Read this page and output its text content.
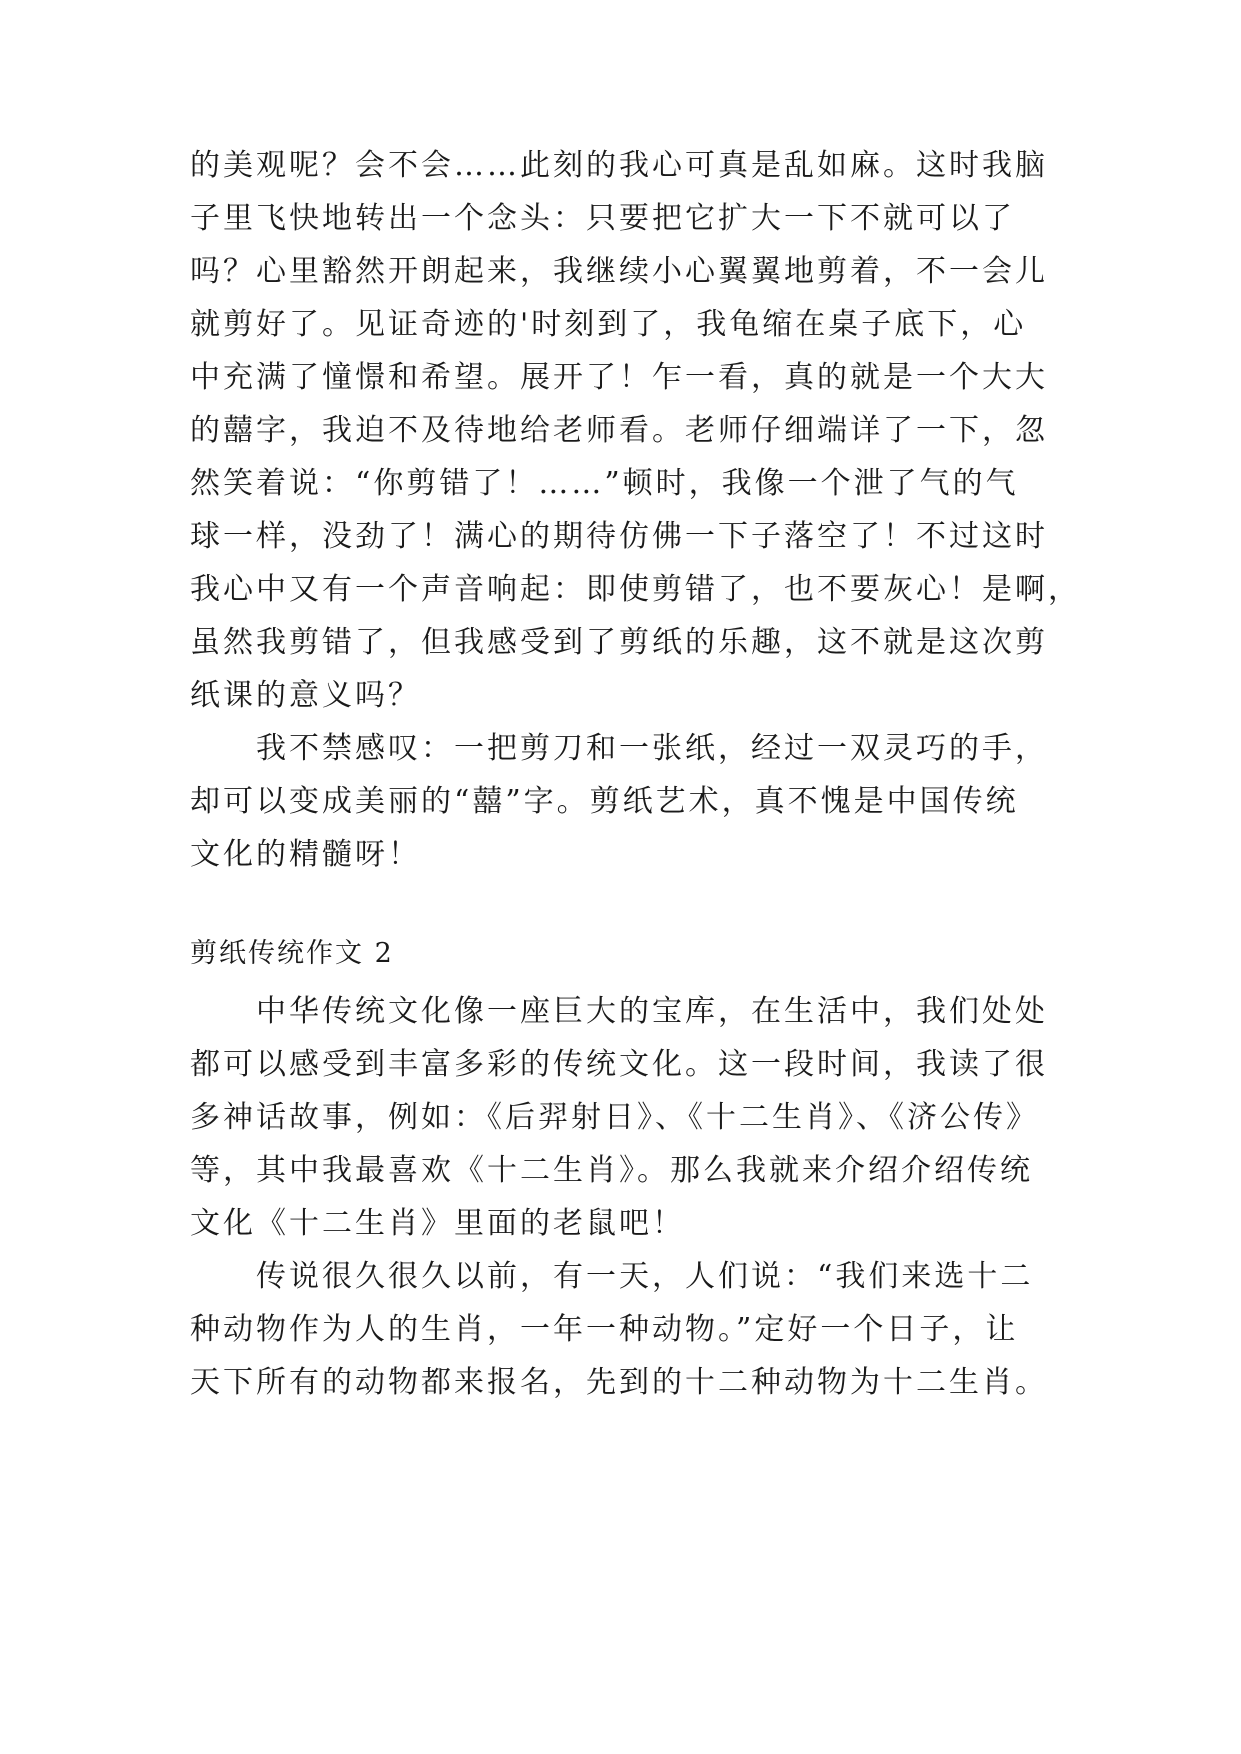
的美观呢？会不会……此刻的我心可真是乱如麻。这时我脑
子里飞快地转出一个念头：只要把它扩大一下不就可以了
吗？心里豁然开朗起来，我继续小心翼翼地剪着，不一会儿
就剪好了。见证奇迹的'时刻到了，我龟缩在桌子底下，心
中充满了憧憬和希望。展开了！乍一看，真的就是一个大大
的囍字，我迫不及待地给老师看。老师仔细端详了一下，忽
然笑着说：“你剪错了！……”顿时，我像一个泄了气的气
球一样，没劲了！满心的期待仿佛一下子落空了！不过这时
我心中又有一个声音响起：即使剪错了，也不要灰心！是啊，
虽然我剪错了，但我感受到了剪纸的乐趣，这不就是这次剪
纸课的意义吗？
我不禁感叹：一把剪刀和一张纸，经过一双灵巧的手，
却可以变成美丽的“囍”字。剪纸艺术，真不愧是中国传统
文化的精髓呀！
剪纸传统作文 2
中华传统文化像一座巨大的宝库，在生活中，我们处处
都可以感受到丰富多彩的传统文化。这一段时间，我读了很
多神话故事，例如：《后羿射日》、《十二生肖》、《济公传》
等，其中我最喜欢《十二生肖》。那么我就来介绍介绍传统
文化《十二生肖》里面的老鼠吧！
传说很久很久以前，有一天，人们说：“我们来选十二
种动物作为人的生肖，一年一种动物。”定好一个日子，让
天下所有的动物都来报名，先到的十二种动物为十二生肖。
